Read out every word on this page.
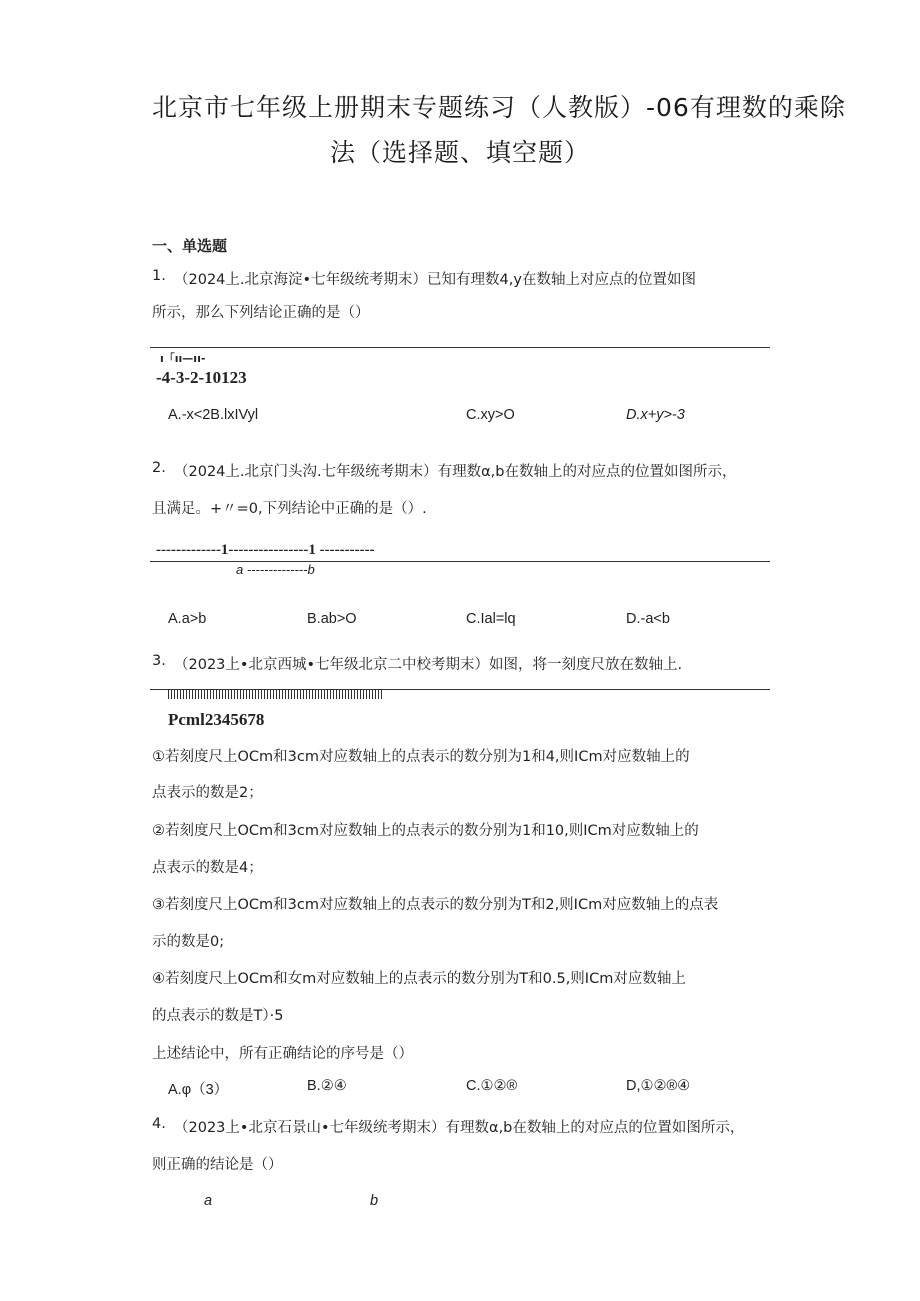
北京市七年级上册期末专题练习（人教版）-06有理数的乘除
法（选择题、填空题）
一、单选题
1. （2024上.北京海淀•七年级统考期末）已知有理数4,y在数轴上对应点的位置如图
所示，那么下列结论正确的是（）
ı「ıı—ıı-
-4-3-2-10123
A.-x<2B.lxIVyl	C.xy>O	D.x+y>-3
2. （2024上.北京门头沟.七年级统考期末）有理数α,b在数轴上的对应点的位置如图所示，
且满足。+〃=0,下列结论中正确的是（）.
-------------1----------------1 -----------
a --------------b
A.a>b	B.ab>O	C.Ial=lq	D.-a<b
3. （2023上•北京西城•七年级北京二中校考期末）如图，将一刻度尺放在数轴上.
Pcml2345678
①若刻度尺上OCm和3cm对应数轴上的点表示的数分别为1和4,则ICm对应数轴上的
点表示的数是2；
②若刻度尺上OCm和3cm对应数轴上的点表示的数分别为1和10,则ICm对应数轴上的
点表示的数是4；
③若刻度尺上OCm和3cm对应数轴上的点表示的数分别为T和2,则ICm对应数轴上的点表
示的数是0;
④若刻度尺上OCm和女m对应数轴上的点表示的数分别为T和0.5,则ICm对应数轴上
的点表示的数是T）·5
上述结论中，所有正确结论的序号是（）
A.φ（3）	B.②④	C.①②®	D,①②®④
4. （2023上•北京石景山•七年级统考期末）有理数α,b在数轴上的对应点的位置如图所示，
则正确的结论是（）
a	b
